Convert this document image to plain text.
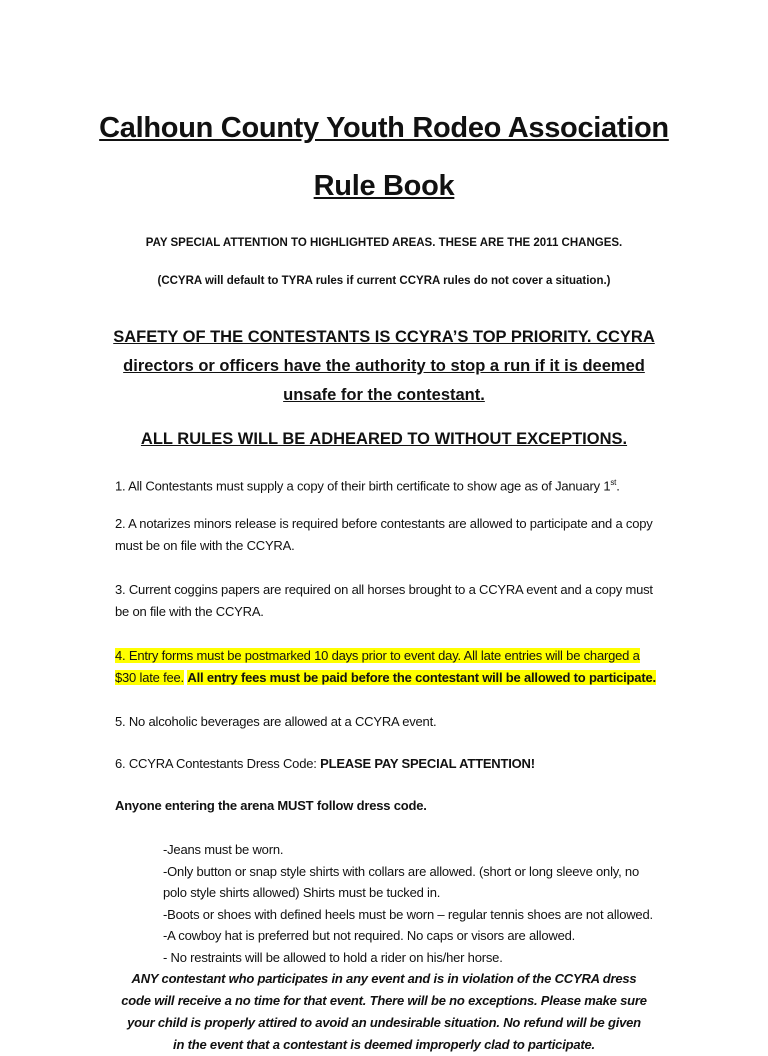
Calhoun County Youth Rodeo Association
Rule Book
PAY SPECIAL ATTENTION TO HIGHLIGHTED AREAS. THESE ARE THE 2011 CHANGES.
(CCYRA will default to TYRA rules if current CCYRA rules do not cover a situation.)
SAFETY OF THE CONTESTANTS IS CCYRA’S TOP PRIORITY. CCYRA directors or officers have the authority to stop a run if it is deemed unsafe for the contestant.
ALL RULES WILL BE ADHEARED TO WITHOUT EXCEPTIONS.
1. All Contestants must supply a copy of their birth certificate to show age as of January 1st.
2. A notarizes minors release is required before contestants are allowed to participate and a copy must be on file with the CCYRA.
3. Current coggins papers are required on all horses brought to a CCYRA event and a copy must be on file with the CCYRA.
4. Entry forms must be postmarked 10 days prior to event day. All late entries will be charged a $30 late fee. All entry fees must be paid before the contestant will be allowed to participate.
5. No alcoholic beverages are allowed at a CCYRA event.
6. CCYRA Contestants Dress Code: PLEASE PAY SPECIAL ATTENTION!
Anyone entering the arena MUST follow dress code.
-Jeans must be worn.
-Only button or snap style shirts with collars are allowed. (short or long sleeve only, no polo style shirts allowed) Shirts must be tucked in.
-Boots or shoes with defined heels must be worn – regular tennis shoes are not allowed.
-A cowboy hat is preferred but not required. No caps or visors are allowed.
- No restraints will be allowed to hold a rider on his/her horse.
ANY contestant who participates in any event and is in violation of the CCYRA dress code will receive a no time for that event. There will be no exceptions. Please make sure your child is properly attired to avoid an undesirable situation. No refund will be given in the event that a contestant is deemed improperly clad to participate.
